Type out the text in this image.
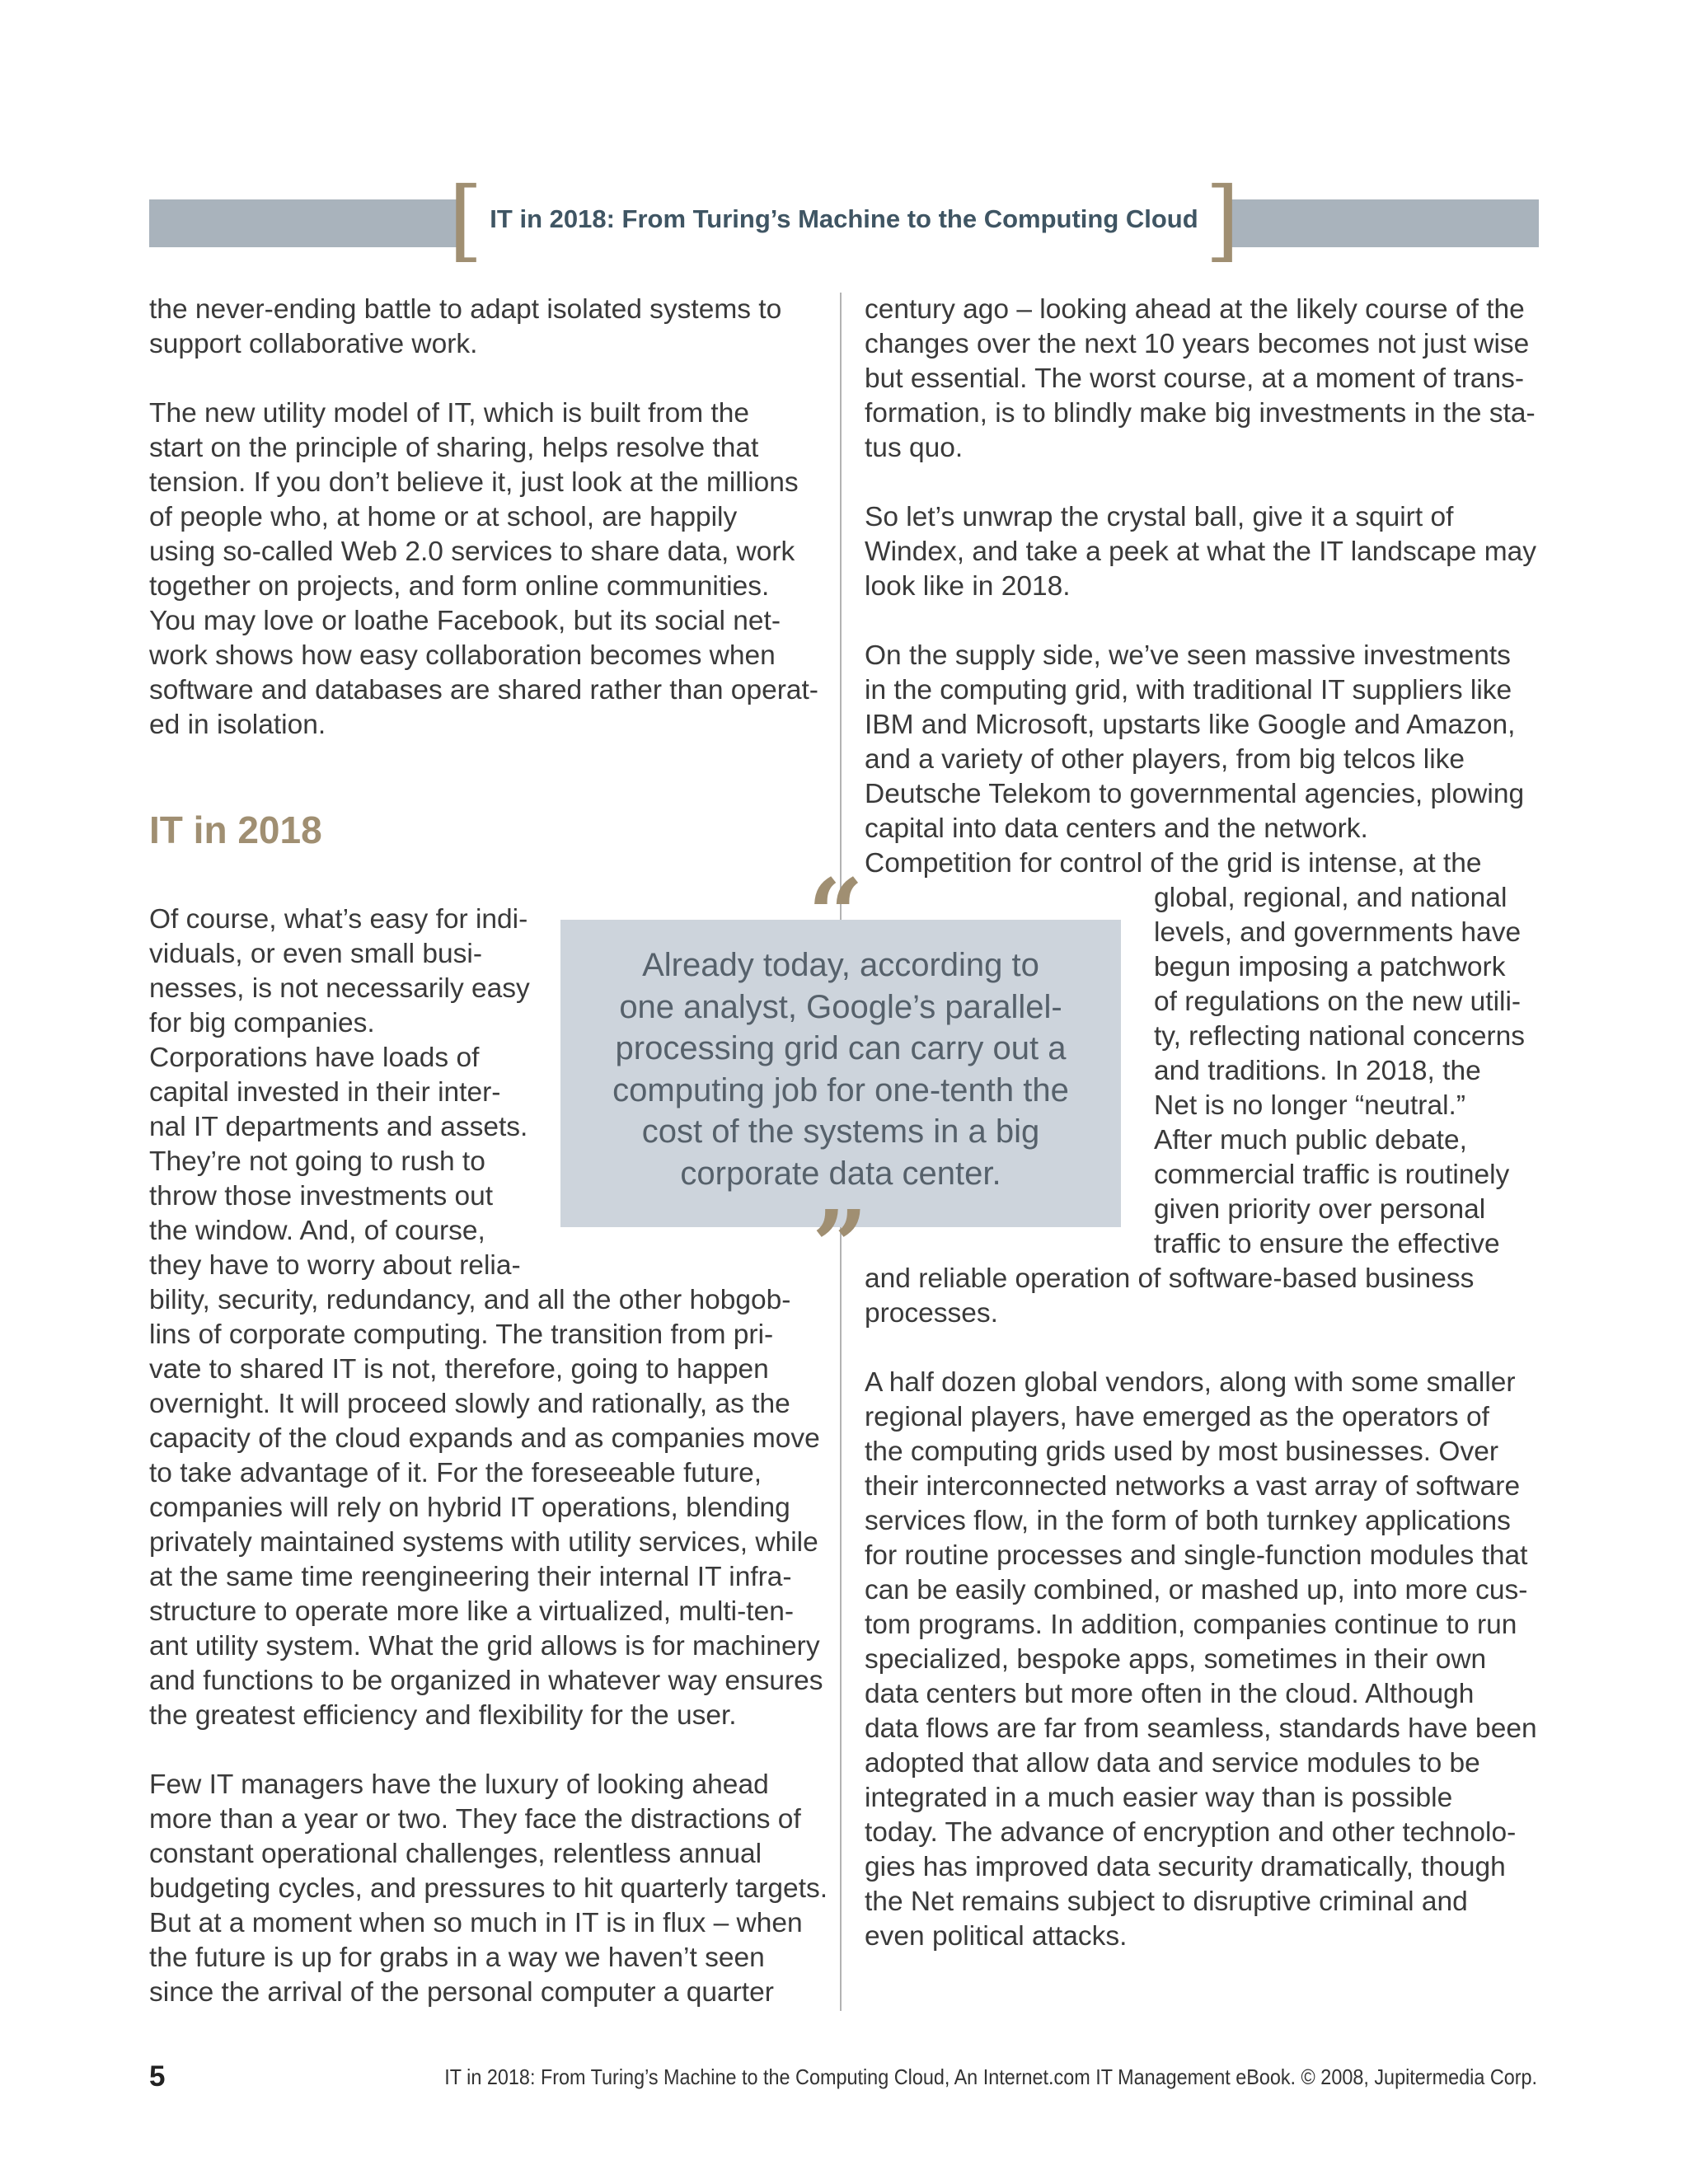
[	]
IT in 2018: From Turing’s Machine to the Computing Cloud

the never-ending battle to adapt isolated systems to
support collaborative work.

The new utility model of IT, which is built from the
start on the principle of sharing, helps resolve that
tension. If you don’t believe it, just look at the millions
of people who, at home or at school, are happily
using so-called Web 2.0 services to share data, work
together on projects, and form online communities.
You may love or loathe Facebook, but its social net-
work shows how easy collaboration becomes when
software and databases are shared rather than operat-
ed in isolation.

IT in 2018

Of course, what’s easy for indi-
viduals, or even small busi-
nesses, is not necessarily easy
for big companies.
Corporations have loads of
capital invested in their inter-
nal IT departments and assets.
They’re not going to rush to
throw those investments out
the window. And, of course,
they have to worry about relia-

bility, security, redundancy, and all the other hobgob-
lins of corporate computing. The transition from pri-
vate to shared IT is not, therefore, going to happen
overnight. It will proceed slowly and rationally, as the
capacity of the cloud expands and as companies move
to take advantage of it. For the foreseeable future,
companies will rely on hybrid IT operations, blending
privately maintained systems with utility services, while
at the same time reengineering their internal IT infra-
structure to operate more like a virtualized, multi-ten-
ant utility system. What the grid allows is for machinery
and functions to be organized in whatever way ensures
the greatest efficiency and flexibility for the user.

Few IT managers have the luxury of looking ahead
more than a year or two. They face the distractions of
constant operational challenges, relentless annual
budgeting cycles, and pressures to hit quarterly targets.
But at a moment when so much in IT is in flux – when
the future is up for grabs in a way we haven’t seen
since the arrival of the personal computer a quarter

century ago – looking ahead at the likely course of the
changes over the next 10 years becomes not just wise
but essential. The worst course, at a moment of trans-
formation, is to blindly make big investments in the sta-
tus quo.

So let’s unwrap the crystal ball, give it a squirt of
Windex, and take a peek at what the IT landscape may
look like in 2018.

On the supply side, we’ve seen massive investments
in the computing grid, with traditional IT suppliers like
IBM and Microsoft, upstarts like Google and Amazon,
and a variety of other players, from big telcos like
Deutsche Telekom to governmental agencies, plowing
capital into data centers and the network.
Competition for control of the grid is intense, at the

global, regional, and national
levels, and governments have
begun imposing a patchwork
of regulations on the new utili-
ty, reflecting national concerns
and traditions. In 2018, the
Net is no longer “neutral.”
After much public debate,
commercial traffic is routinely
given priority over personal
traffic to ensure the effective

and reliable operation of software-based business
processes.

A half dozen global vendors, along with some smaller
regional players, have emerged as the operators of
the computing grids used by most businesses. Over
their interconnected networks a vast array of software
services flow, in the form of both turnkey applications
for routine processes and single-function modules that
can be easily combined, or mashed up, into more cus-
tom programs. In addition, companies continue to run
specialized, bespoke apps, sometimes in their own
data centers but more often in the cloud. Although
data flows are far from seamless, standards have been
adopted that allow data and service modules to be
integrated in a much easier way than is possible
today. The advance of encryption and other technolo-
gies has improved data security dramatically, though
the Net remains subject to disruptive criminal and
even political attacks.

“
Already today, according to
one analyst, Google’s parallel-
processing grid can carry out a
computing job for one-tenth the
cost of the systems in a big
corporate data center.
”
5	IT in 2018: From Turing’s Machine to the Computing Cloud, An Internet.com IT Management eBook. © 2008, Jupitermedia Corp.
